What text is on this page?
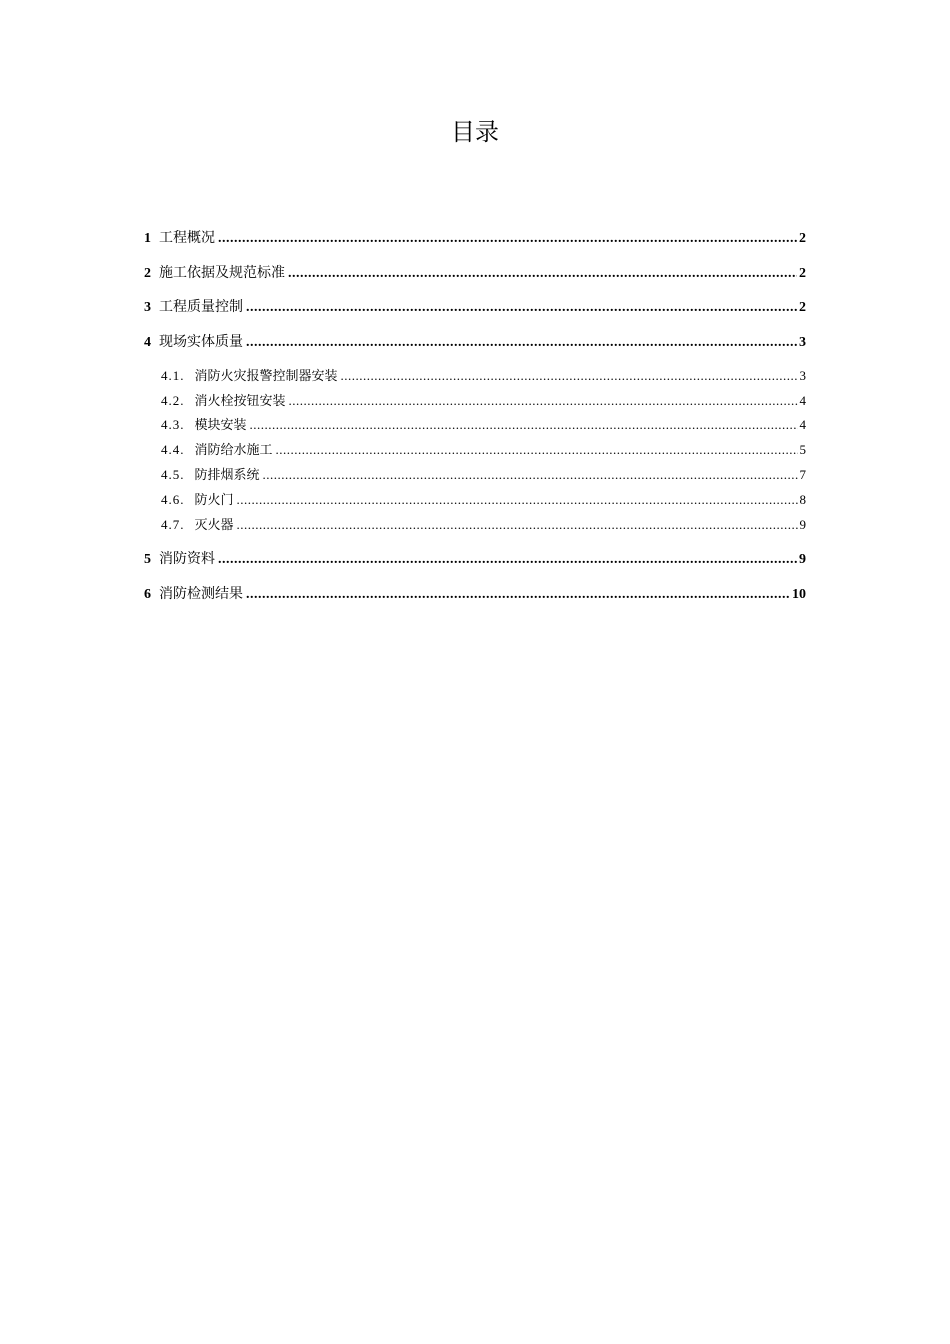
目录
1 工程概况 .....	2
2 施工依据及规范标准 .....	2
3 工程质量控制 .....	2
4 现场实体质量 .....	3
4.1. 消防火灾报警控制器安装 .....	3
4.2. 消火栓按钮安装 .....	4
4.3. 模块安装 .....	4
4.4. 消防给水施工 .....	5
4.5. 防排烟系统 .....	7
4.6. 防火门 .....	8
4.7. 灭火器 .....	9
5 消防资料 .....	9
6 消防检测结果 .....	10
